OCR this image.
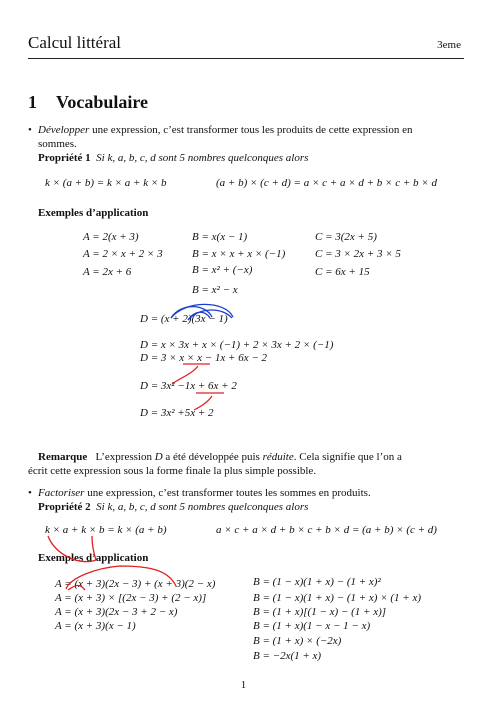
Calcul littéral	3eme
1 Vocabulaire
• Développer une expression, c’est transformer tous les produits de cette expression en
sommes.
Propriété 1 Si k, a, b, c, d sont 5 nombres quelconques alors
k × (a + b) = k × a + k × b	(a + b) × (c + d) = a × c + a × d + b × c + b × d
Exemples d’application
A = 2(x + 3)
A = 2 × x + 2 × 3
A = 2x + 6
B = x(x − 1)
B = x × x + x × (−1)
B = x² + (−x)
B = x² − x
C = 3(2x + 5)
C = 3 × 2x + 3 × 5
C = 6x + 15
D = (x + 2)(3x − 1)
D = x × 3x + x × (−1) + 2 × 3x + 2 × (−1)
D = 3 × x × x − 1x + 6x − 2
D = 3x² −1x + 6x + 2
D = 3x² +5x + 2
Remarque L’expression D a été développée puis réduite. Cela signifie que l’on a
écrit cette expression sous la forme finale la plus simple possible.
• Factoriser une expression, c’est transformer toutes les sommes en produits.
Propriété 2 Si k, a, b, c, d sont 5 nombres quelconques alors
k × a + k × b = k × (a + b)	a × c + a × d + b × c + b × d = (a + b) × (c + d)
Exemples d’application
A = (x + 3)(2x − 3) + (x + 3)(2 − x)
A = (x + 3) × [(2x − 3) + (2 − x)]
A = (x + 3)(2x − 3 + 2 − x)
A = (x + 3)(x − 1)
B = (1 − x)(1 + x) − (1 + x)²
B = (1 − x)(1 + x) − (1 + x) × (1 + x)
B = (1 + x)[(1 − x) − (1 + x)]
B = (1 + x)(1 − x − 1 − x)
B = (1 + x) × (−2x)
B = −2x(1 + x)
1
